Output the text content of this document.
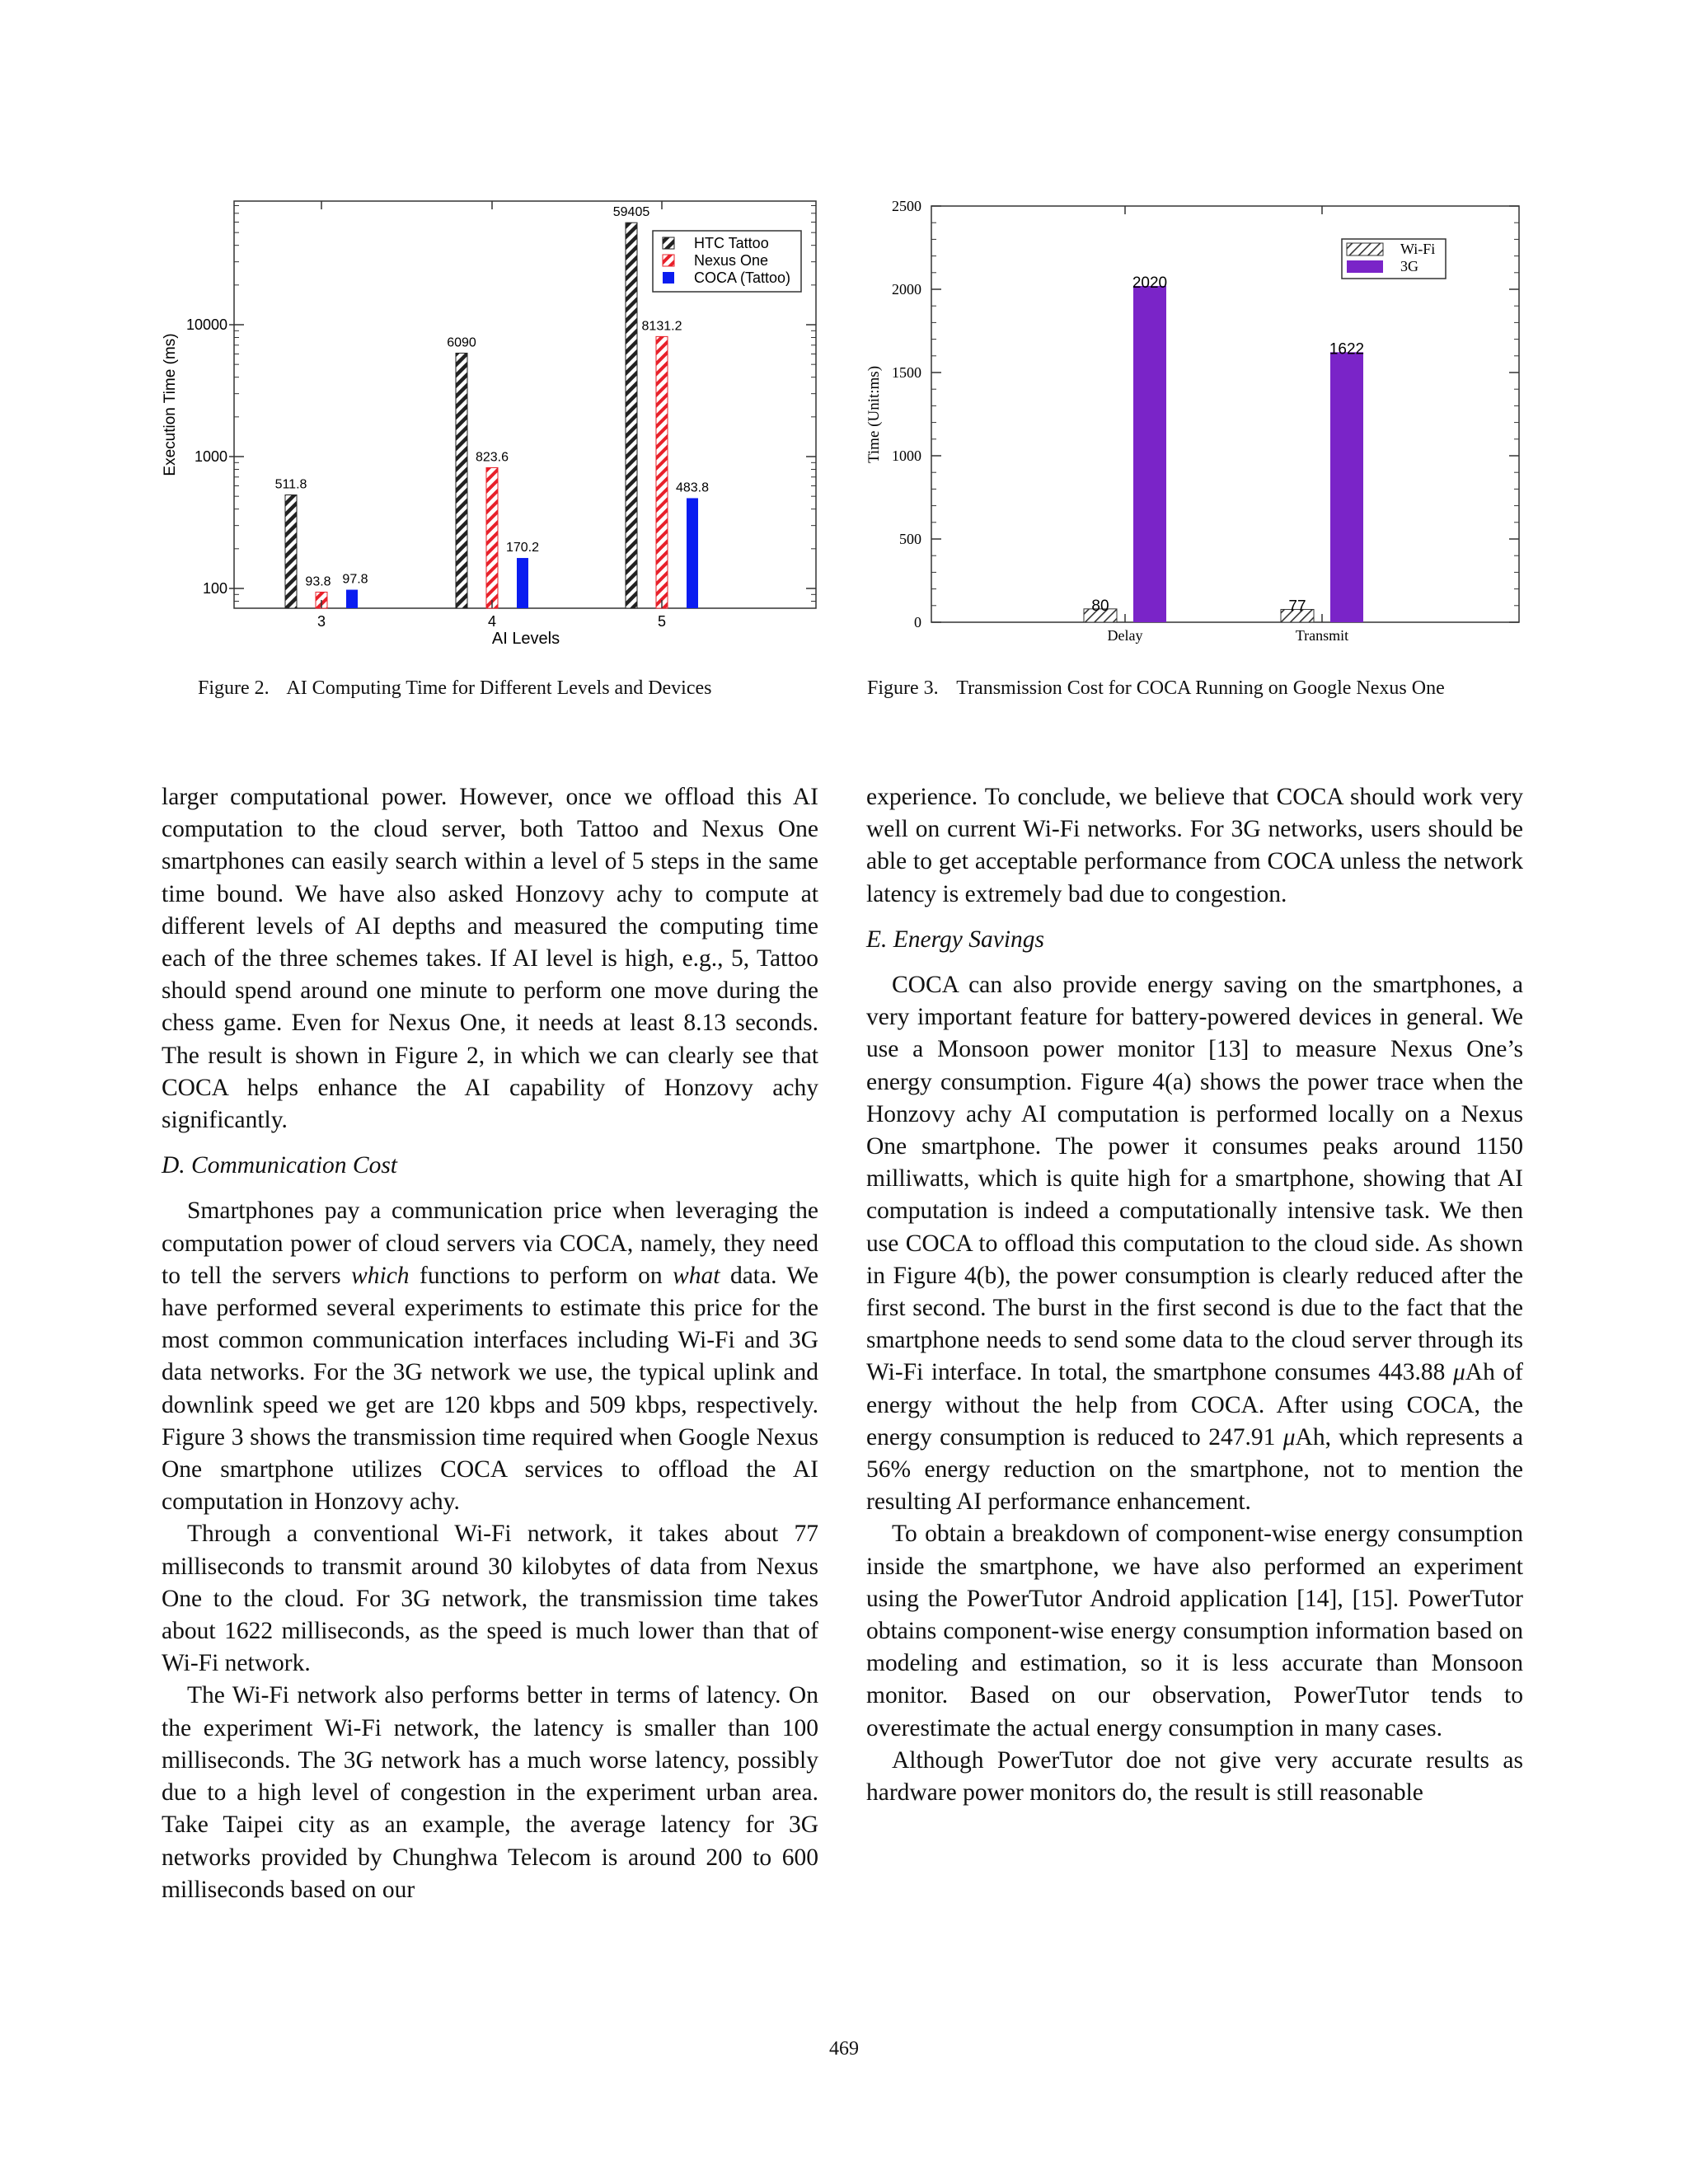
100
1000
10000
511.8
6090
59405
93.8
823.6
8131.2
97.8
170.2
483.8
3	4	5
Execution Time (ms)
AI Levels
HTC Tattoo
Nexus One
COCA (Tattoo)
0
500
1000
1500
2000
2500
80	77
2020
1622
Delay	Transmit
Time (Unit:ms)
Wi-Fi
3G
Figure 2. AI Computing Time for Different Levels and Devices	Figure 3. Transmission Cost for COCA Running on Google Nexus One

larger computational power. However, once we offload this AI computation to the cloud server, both Tattoo and Nexus One smartphones can easily search within a level of 5 steps in the same time bound. We have also asked Honzovy achy to compute at different levels of AI depths and measured the computing time each of the three schemes takes. If AI level is high, e.g., 5, Tattoo should spend around one minute to perform one move during the chess game. Even for Nexus One, it needs at least 8.13 seconds. The result is shown in Figure 2, in which we can clearly see that COCA helps enhance the AI capability of Honzovy achy significantly.

D. Communication Cost

Smartphones pay a communication price when leveraging the computation power of cloud servers via COCA, namely, they need to tell the servers which functions to perform on what data. We have performed several experiments to estimate this price for the most common communication interfaces including Wi-Fi and 3G data networks. For the 3G network we use, the typical uplink and downlink speed we get are 120 kbps and 509 kbps, respectively. Figure 3 shows the transmission time required when Google Nexus One smartphone utilizes COCA services to offload the AI computation in Honzovy achy.

Through a conventional Wi-Fi network, it takes about 77 milliseconds to transmit around 30 kilobytes of data from Nexus One to the cloud. For 3G network, the transmission time takes about 1622 milliseconds, as the speed is much lower than that of Wi-Fi network.

The Wi-Fi network also performs better in terms of latency. On the experiment Wi-Fi network, the latency is smaller than 100 milliseconds. The 3G network has a much worse latency, possibly due to a high level of congestion in the experiment urban area. Take Taipei city as an example, the average latency for 3G networks provided by Chunghwa Telecom is around 200 to 600 milliseconds based on our

experience. To conclude, we believe that COCA should work very well on current Wi-Fi networks. For 3G networks, users should be able to get acceptable performance from COCA unless the network latency is extremely bad due to congestion.

E. Energy Savings

COCA can also provide energy saving on the smartphones, a very important feature for battery-powered devices in general. We use a Monsoon power monitor [13] to measure Nexus One’s energy consumption. Figure 4(a) shows the power trace when the Honzovy achy AI computation is performed locally on a Nexus One smartphone. The power it consumes peaks around 1150 milliwatts, which is quite high for a smartphone, showing that AI computation is indeed a computationally intensive task. We then use COCA to offload this computation to the cloud side. As shown in Figure 4(b), the power consumption is clearly reduced after the first second. The burst in the first second is due to the fact that the smartphone needs to send some data to the cloud server through its Wi-Fi interface. In total, the smartphone consumes 443.88 μAh of energy without the help from COCA. After using COCA, the energy consumption is reduced to 247.91 μAh, which represents a 56% energy reduction on the smartphone, not to mention the resulting AI performance enhancement.

To obtain a breakdown of component-wise energy consumption inside the smartphone, we have also performed an experiment using the PowerTutor Android application [14], [15]. PowerTutor obtains component-wise energy consumption information based on modeling and estimation, so it is less accurate than Monsoon monitor. Based on our observation, PowerTutor tends to overestimate the actual energy consumption in many cases.

Although PowerTutor doe not give very accurate results as hardware power monitors do, the result is still reasonable

469
